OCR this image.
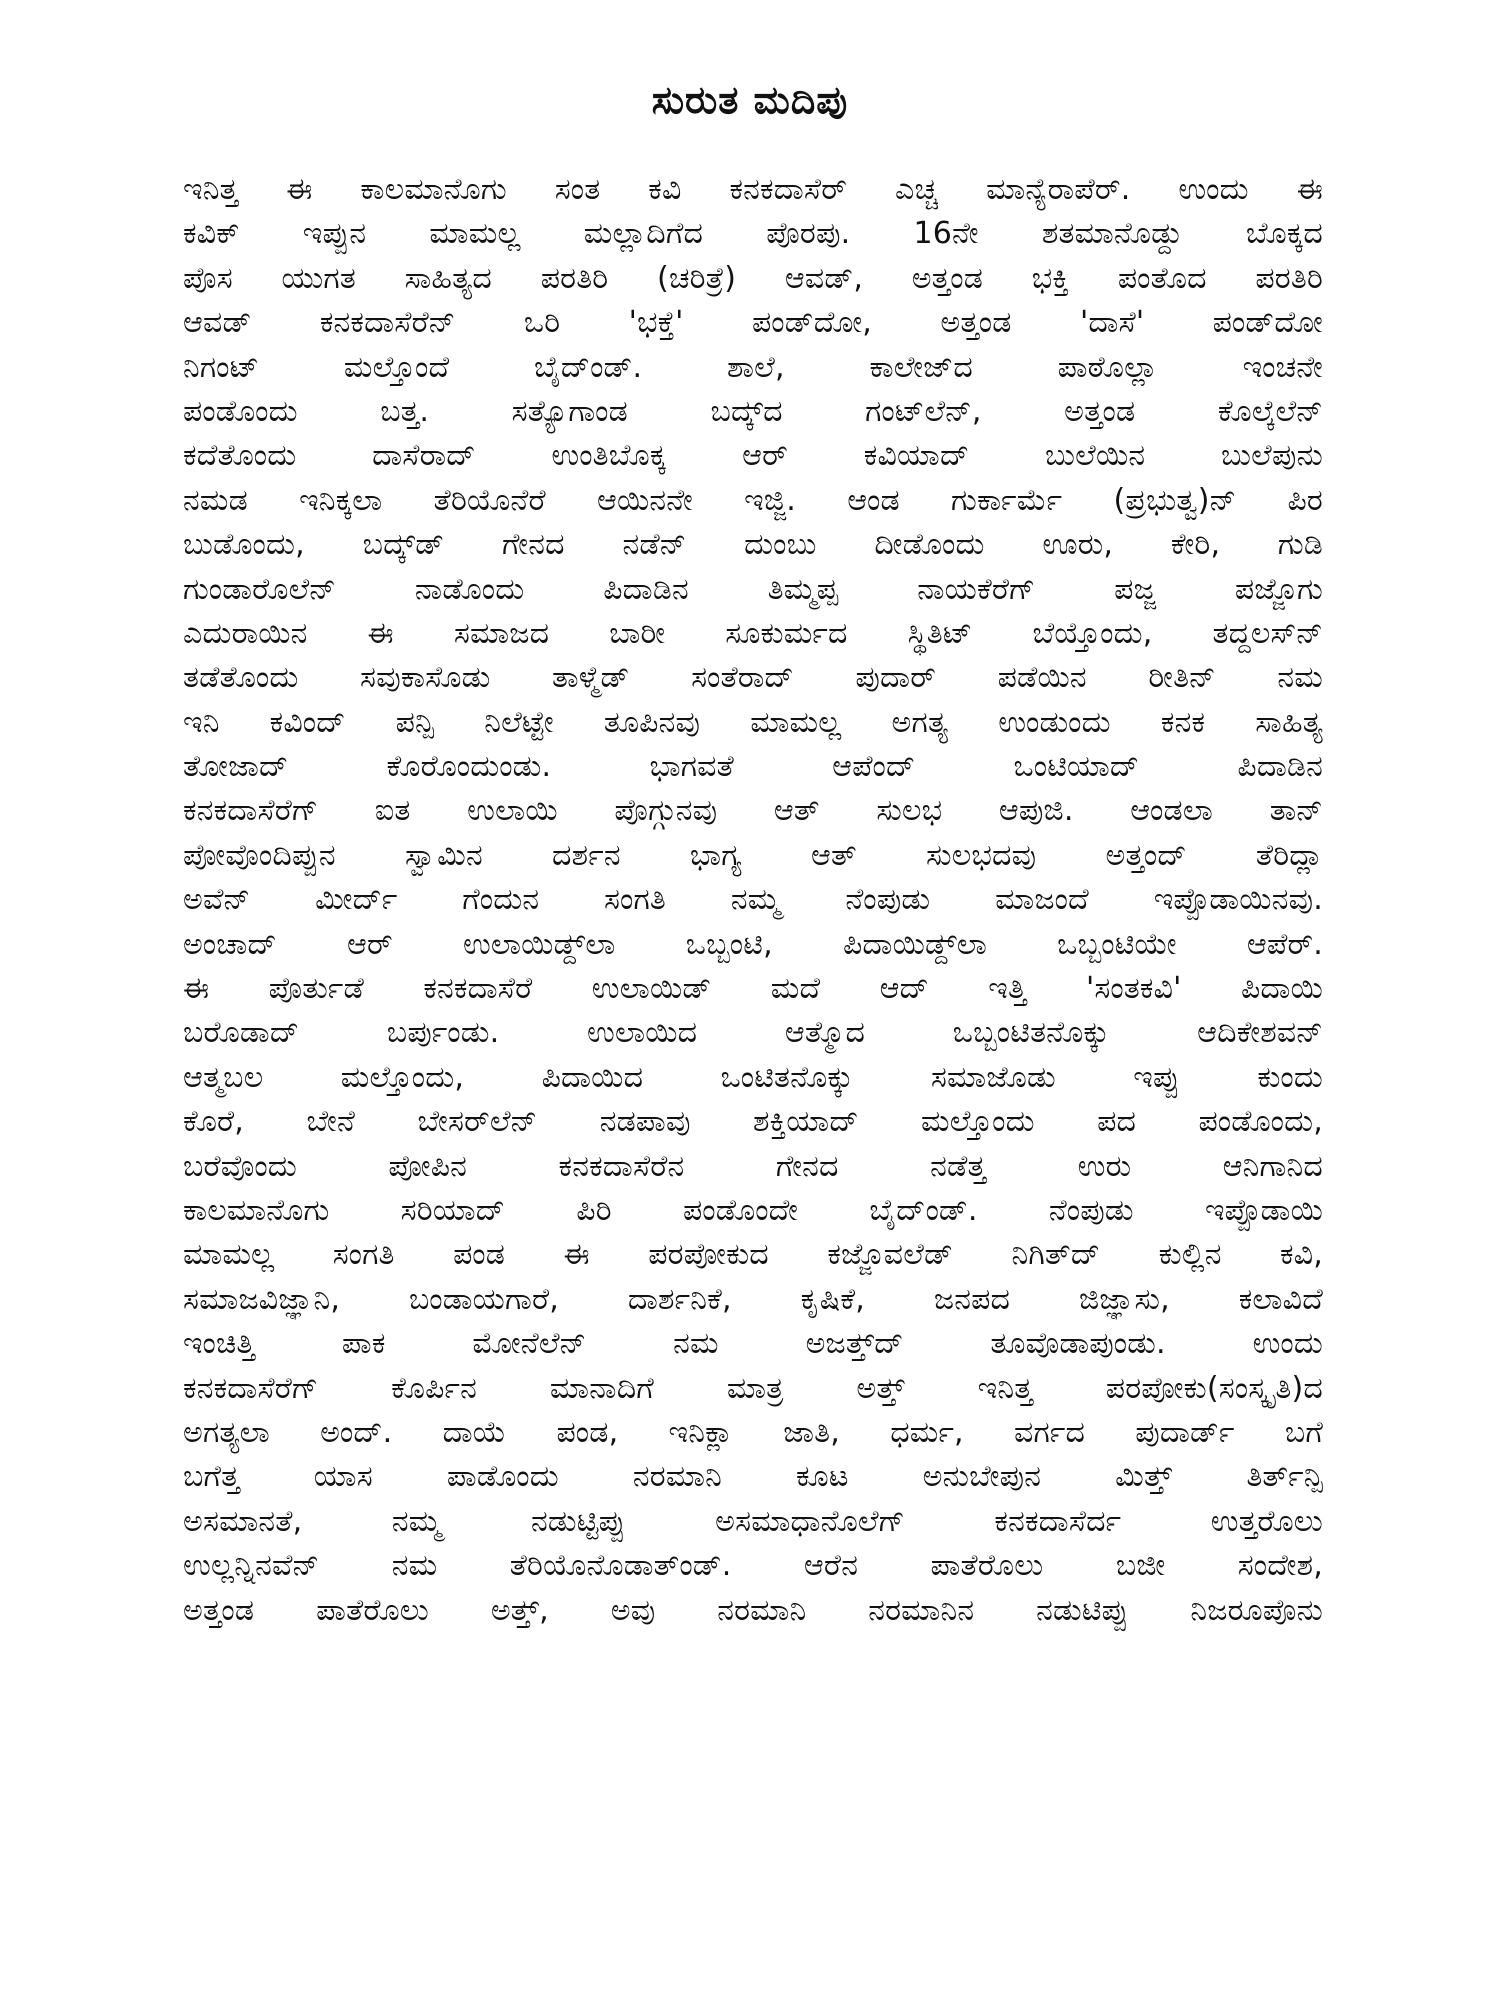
ಸುರುತ ಮದಿಪು
ಇನಿತ್ತ ಈ ಕಾಲಮಾನೊಗು ಸಂತ ಕವಿ ಕನಕದಾಸೆರ್ ಎಚ್ಚ ಮಾನ್ಯೆರಾಪೆರ್. ಉಂದು ಈ
ಕವಿಕ್ ಇಪ್ಪುನ ಮಾಮಲ್ಲ ಮಲ್ಲಾದಿಗೆದ ಪೊರಪು. 16ನೇ ಶತಮಾನೊಡ್ದು ಬೊಕ್ಕದ
ಪೊಸ ಯುಗತ ಸಾಹಿತ್ಯದ ಪರತಿರಿ (ಚರಿತ್ರೆ) ಆವಡ್, ಅತ್ತಂಡ ಭಕ್ತಿ ಪಂತೊದ ಪರತಿರಿ
ಆವಡ್ ಕನಕದಾಸೆರೆನ್ ಒರಿ 'ಭಕ್ತೆ' ಪಂಡ್‌ದೋ, ಅತ್ತಂಡ 'ದಾಸೆ' ಪಂಡ್‌ದೋ
ನಿಗಂಟ್ ಮಲ್ತೊಂದೆ ಬೈದ್‌ಂಡ್. ಶಾಲೆ, ಕಾಲೇಜ್‌ದ ಪಾಠೊಲ್ಲಾ ಇಂಚನೇ
ಪಂಡೊಂದು ಬತ್ತ. ಸತ್ಯೊಗಾಂಡ ಬದ್ಕ್‌ದ ಗಂಟ್‌ಲೆನ್, ಅತ್ತಂಡ ಕೊಲ್ಕೆಲೆನ್
ಕದೆತೊಂದು ದಾಸೆರಾದ್ ಉಂತಿಬೊಕ್ಕ ಆರ್ ಕವಿಯಾದ್ ಬುಲೆಯಿನ ಬುಲೆಪುನು
ನಮಡ ಇನಿಕ್ಕಲಾ ತೆರಿಯೊನೆರೆ ಆಯಿನನೇ ಇಜ್ಜಿ. ಆಂಡ ಗುರ್ಕಾರ್ಮೆ (ಪ್ರಭುತ್ವ)ನ್ ಪಿರ
ಬುಡೊಂದು, ಬದ್ಕ್‌ಡ್ ಗೇನದ ನಡೆನ್ ದುಂಬು ದೀಡೊಂದು ಊರು, ಕೇರಿ, ಗುಡಿ
ಗುಂಡಾರೊಲೆನ್ ನಾಡೊಂದು ಪಿದಾಡಿನ ತಿಮ್ಮಪ್ಪ ನಾಯಕೆರೆಗ್ ಪಜ್ಜ ಪಜ್ಜೊಗು
ಎದುರಾಯಿನ ಈ ಸಮಾಜದ ಬಾರೀ ಸೂಕುರ್ಮದ ಸ್ಥಿತಿಟ್ ಬೆಯ್ತೊಂದು, ತದ್ದಲಸ್‌ನ್
ತಡೆತೊಂದು ಸವುಕಾಸೊಡು ತಾಳ್ಮೆಡ್ ಸಂತೆರಾದ್ ಪುದಾರ್ ಪಡೆಯಿನ ರೀತಿನ್ ನಮ
ಇನಿ ಕವಿಂದ್ ಪನ್ಪಿ ನಿಲೆಟ್ಟೇ ತೂಪಿನವು ಮಾಮಲ್ಲ ಅಗತ್ಯ ಉಂಡುಂದು ಕನಕ ಸಾಹಿತ್ಯ
ತೋಜಾದ್ ಕೊರೊಂದುಂಡು. ಭಾಗವತೆ ಆಪೆಂದ್ ಒಂಟಿಯಾದ್ ಪಿದಾಡಿನ
ಕನಕದಾಸೆರೆಗ್ ಐತ ಉಲಾಯಿ ಪೊಗ್ಗುನವು ಆತ್ ಸುಲಭ ಆಪುಜಿ. ಆಂಡಲಾ ತಾನ್
ಪೋವೊಂದಿಪ್ಪುನ ಸ್ವಾಮಿನ ದರ್ಶನ ಭಾಗ್ಯ ಆತ್ ಸುಲಭದವು ಅತ್ತಂದ್ ತೆರಿದ್ಲಾ
ಅವೆನ್ ಮೀರ್ದ್ ಗೆಂದುನ ಸಂಗತಿ ನಮ್ಮ ನೆಂಪುಡು ಮಾಜಂದೆ ಇಪ್ಪೊಡಾಯಿನವು.
ಅಂಚಾದ್ ಆರ್ ಉಲಾಯಿಡ್ದ್‌ಲಾ ಒಬ್ಬಂಟಿ, ಪಿದಾಯಿಡ್ದ್‌ಲಾ ಒಬ್ಬಂಟಿಯೇ ಆಪೆರ್.
ಈ ಪೊರ್ತುಡೆ ಕನಕದಾಸೆರೆ ಉಲಾಯಿಡ್ ಮದೆ ಆದ್ ಇತ್ತಿ 'ಸಂತಕವಿ' ಪಿದಾಯಿ
ಬರೊಡಾದ್ ಬರ್ಪುಂಡು. ಉಲಾಯಿದ ಆತ್ಮೊದ ಒಬ್ಬಂಟಿತನೊಕ್ಕು ಆದಿಕೇಶವನ್
ಆತ್ಮಬಲ ಮಲ್ತೊಂದು, ಪಿದಾಯಿದ ಒಂಟಿತನೊಕ್ಕು ಸಮಾಜೊಡು ಇಪ್ಪು ಕುಂದು
ಕೊರೆ, ಬೇನೆ ಬೇಸರ್‌ಲೆನ್ ನಡಪಾವು ಶಕ್ತಿಯಾದ್ ಮಲ್ತೊಂದು ಪದ ಪಂಡೊಂದು,
ಬರೆವೊಂದು ಪೋಪಿನ ಕನಕದಾಸೆರೆನ ಗೇನದ ನಡೆತ್ತ ಉರು ಆನಿಗಾನಿದ
ಕಾಲಮಾನೊಗು ಸರಿಯಾದ್ ಪಿರಿ ಪಂಡೊಂದೇ ಬೈದ್‌ಂಡ್. ನೆಂಪುಡು ಇಪ್ಪೊಡಾಯಿ
ಮಾಮಲ್ಲ ಸಂಗತಿ ಪಂಡ ಈ ಪರಪೋಕುದ ಕಜ್ಜೊವಲೆಡ್ ನಿಗಿತ್‌ದ್ ಕುಲ್ಲಿನ ಕವಿ,
ಸಮಾಜವಿಜ್ಞಾನಿ, ಬಂಡಾಯಗಾರೆ, ದಾರ್ಶನಿಕೆ, ಕೃಷಿಕೆ, ಜನಪದ ಜಿಜ್ಞಾಸು, ಕಲಾವಿದೆ
ಇಂಚಿತ್ತಿ ಪಾಕ ಮೋನೆಲೆನ್ ನಮ ಅಜತ್ತ್‌ದ್ ತೂವೊಡಾಪುಂಡು. ಉಂದು
ಕನಕದಾಸೆರೆಗ್ ಕೊರ್ಪಿನ ಮಾನಾದಿಗೆ ಮಾತ್ರ ಅತ್ತ್ ಇನಿತ್ತ ಪರಪೋಕು(ಸಂಸ್ಕೃತಿ)ದ
ಅಗತ್ಯಲಾ ಅಂದ್. ದಾಯೆ ಪಂಡ, ಇನಿಕ್ಲಾ ಜಾತಿ, ಧರ್ಮ, ವರ್ಗದ ಪುದಾರ್ಡ್ ಬಗೆ
ಬಗೆತ್ತ ಯಾಸ ಪಾಡೊಂದು ನರಮಾನಿ ಕೂಟ ಅನುಬೇಪುನ ಮಿತ್ತ್ ತಿರ್ತ್‌ನ್ಪಿ
ಅಸಮಾನತೆ, ನಮ್ಮ ನಡುಟ್ಟಿಪ್ಪು ಅಸಮಾಧಾನೊಲೆಗ್ ಕನಕದಾಸೆರ್ದ ಉತ್ತರೊಲು
ಉಲ್ಲನ್ನಿನವೆನ್ ನಮ ತೆರಿಯೊನೊಡಾತ್‌ಂಡ್. ಆರೆನ ಪಾತೆರೊಲು ಬಜೀ ಸಂದೇಶ,
ಅತ್ತಂಡ ಪಾತೆರೊಲು ಅತ್ತ್, ಅವು ನರಮಾನಿ ನರಮಾನಿನ ನಡುಟಿಪ್ಪು ನಿಜರೂಪೊನು
